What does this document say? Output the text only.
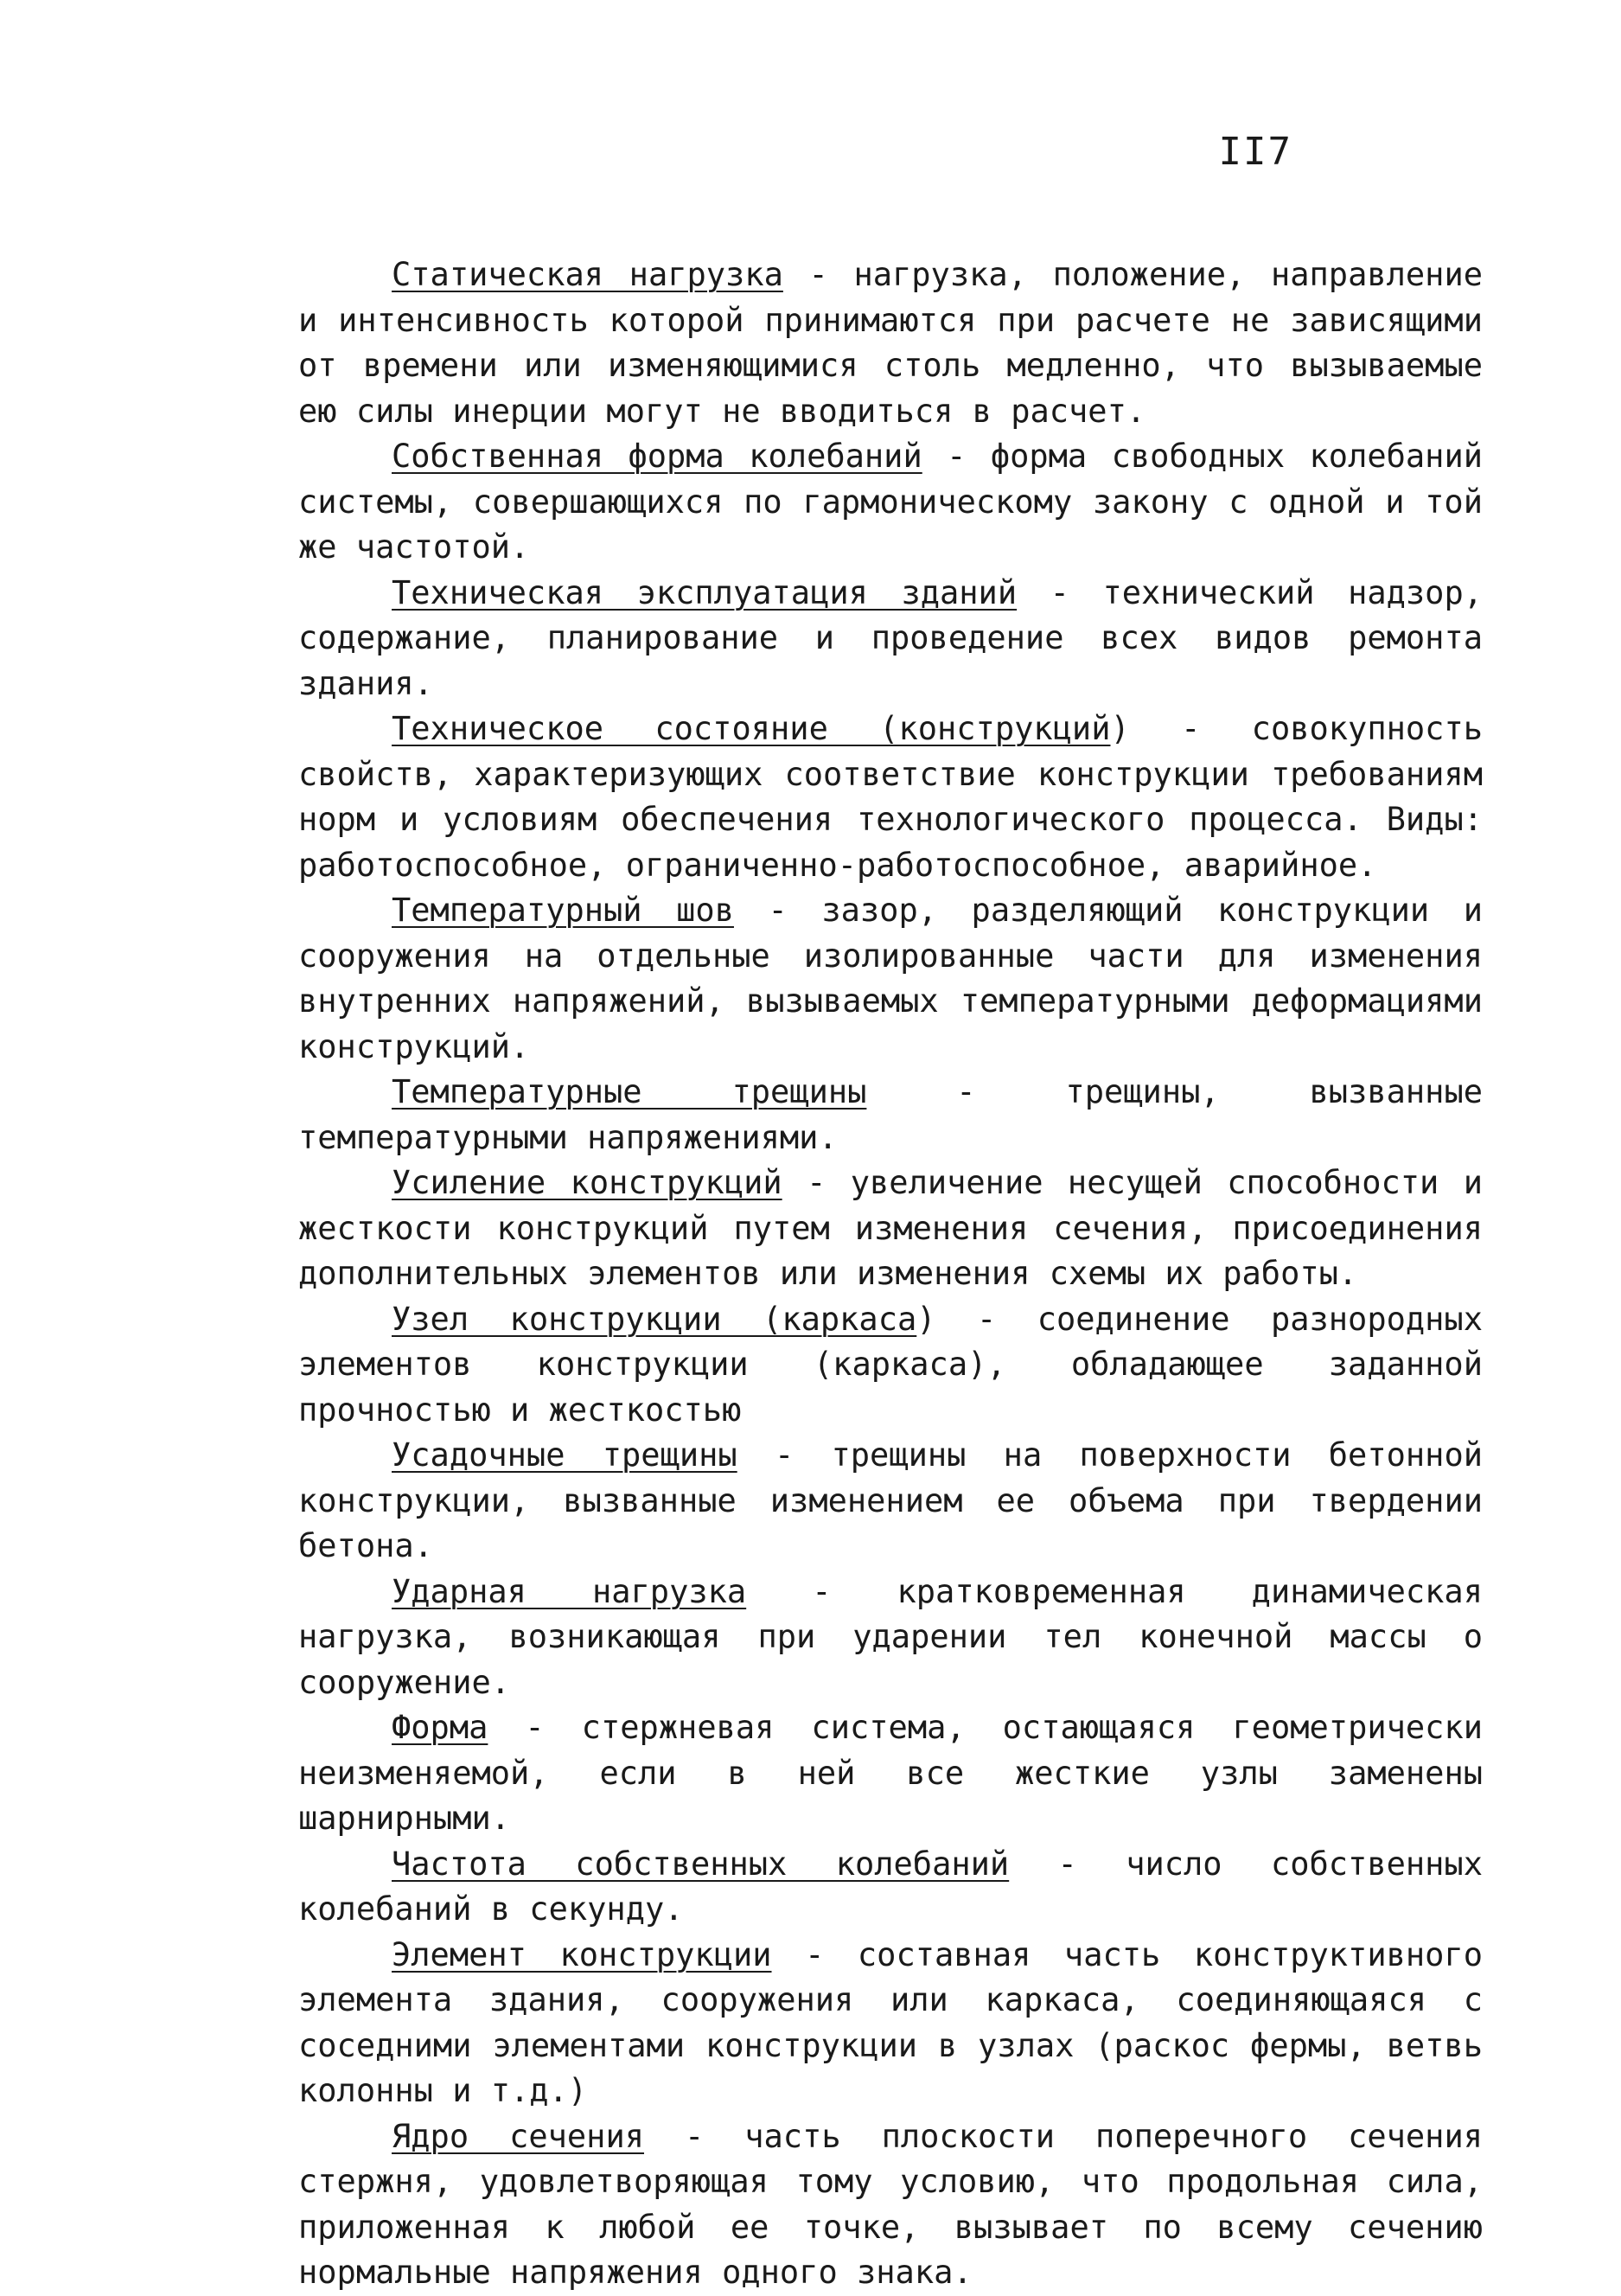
II7

Статическая нагрузка - нагрузка, положение, направление и интенсивность которой принимаются при расчете не зависящими от времени или изменяющимися столь медленно, что вызываемые ею силы инерции могут не вводиться в расчет.

Собственная форма колебаний - форма свободных колебаний системы, совершающихся по гармоническому закону с одной и той же частотой.

Техническая эксплуатация зданий - технический надзор, содержание, планирование и проведение всех видов ремонта здания.

Техническое состояние (конструкций) - совокупность свойств, характеризующих соответствие конструкции требованиям норм и условиям обеспечения технологического процесса. Виды: работоспособное, ограниченно-работоспособное, аварийное.

Температурный шов - зазор, разделяющий конструкции и сооружения на отдельные изолированные части для изменения внутренних напряжений, вызываемых температурными деформациями конструкций.

Температурные трещины - трещины, вызванные температурными напряжениями.

Усиление конструкций - увеличение несущей способности и жесткости конструкций путем изменения сечения, присоединения дополнительных элементов или изменения схемы их работы.

Узел конструкции (каркаса) - соединение разнородных элементов конструкции (каркаса), обладающее заданной прочностью и жесткостью

Усадочные трещины - трещины на поверхности бетонной конструкции, вызванные изменением ее объема при твердении бетона.

Ударная нагрузка - кратковременная динамическая нагрузка, возникающая при ударении тел конечной массы о сооружение.

Форма - стержневая система, остающаяся геометрически неизменяемой, если в ней все жесткие узлы заменены шарнирными.

Частота собственных колебаний - число собственных колебаний в секунду.

Элемент конструкции - составная часть конструктивного элемента здания, сооружения или каркаса, соединяющаяся с соседними элементами конструкции в узлах (раскос фермы, ветвь колонны и т.д.)

Ядро сечения - часть плоскости поперечного сечения стержня, удовлетворяющая тому условию, что продольная сила, приложенная к любой ее точке, вызывает по всему сечению нормальные напряжения одного знака.
